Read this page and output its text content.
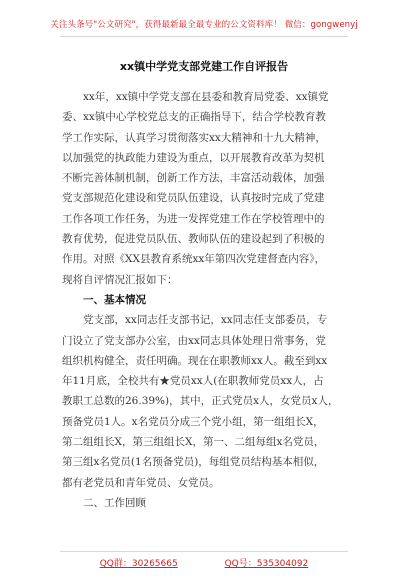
关注头条号"公文研究"，获得最新最全最专业的公文资料库！ 微信：gongwenyj
xx镇中学党支部党建工作自评报告
xx年，xx镇中学党支部在县委和教育局党委、xx镇党
委、xx镇中心学校党总支的正确指导下，结合学校教育教
学工作实际，认真学习贯彻落实xx大精神和十九大精神，
以加强党的执政能力建设为重点，以开展教育改革为契机
不断完善体制机制，创新工作方法，丰富活动载体，加强
党支部规范化建设和党员队伍建设，认真按时完成了党建
工作各项工作任务，为进一发挥党建工作在学校管理中的
教育优势，促进党员队伍、教师队伍的建设起到了积极的
作用。对照《XX县教育系统xx年第四次党建督查内容》，
现将自评情况汇报如下：
一、基本情况
党支部，xx同志任支部书记，xx同志任支部委员，专
门设立了党支部办公室，由xx同志具体处理日常事务，党
组织机构健全，责任明确。现在在职教师xx人。截至到xx
年11月底，全校共有★党员xx人(在职教师党员xx人，占
教职工总数的26.39%)，其中，正式党员x人，女党员x人，
预备党员1人。x名党员分成三个党小组，第一组组长X，
第二组组长X，第三组组长X，第一、二组每组x名党员，
第三组x名党员(1名预备党员)，每组党员结构基本相似，
都有老党员和青年党员、女党员。
二、工作回顾
QQ群：30265665	QQ号：535304092
